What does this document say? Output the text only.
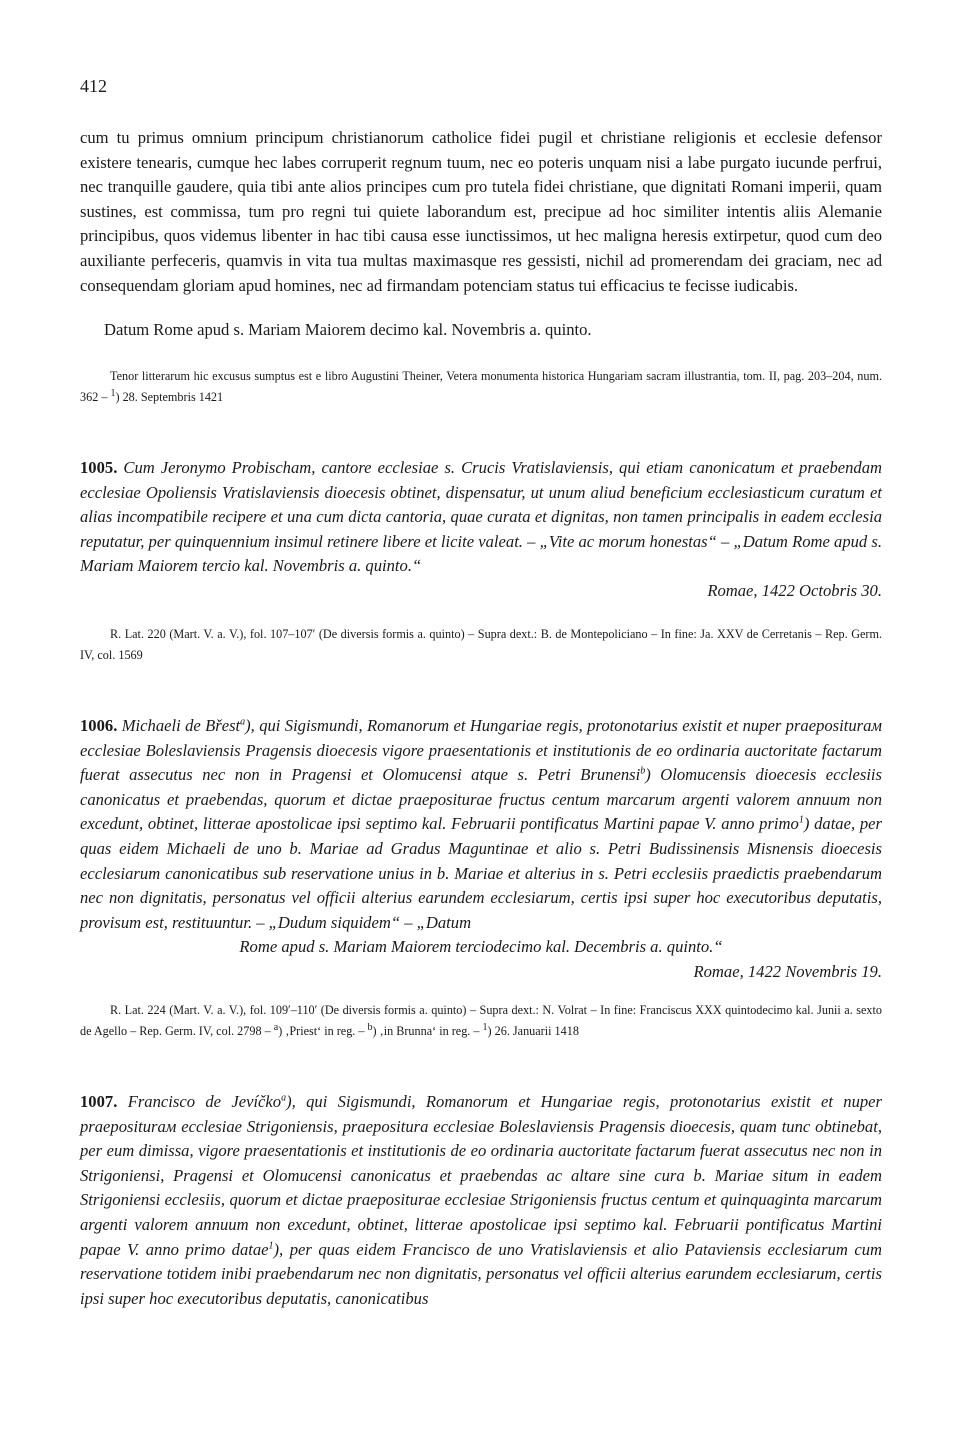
412
cum tu primus omnium principum christianorum catholice fidei pugil et christiane religionis et ecclesie defensor existere tenearis, cumque hec labes corruperit regnum tuum, nec eo poteris unquam nisi a labe purgato iucunde perfrui, nec tranquille gaudere, quia tibi ante alios principes cum pro tutela fidei christiane, que dignitati Romani imperii, quam sustines, est commissa, tum pro regni tui quiete laborandum est, precipue ad hoc similiter intentis aliis Alemanie principibus, quos videmus libenter in hac tibi causa esse iunctissimos, ut hec maligna heresis extirpetur, quod cum deo auxiliante perfeceris, quamvis in vita tua multas maximasque res gessisti, nichil ad promerendam dei graciam, nec ad consequendam gloriam apud homines, nec ad firmandam potenciam status tui efficacius te fecisse iudicabis.
Datum Rome apud s. Mariam Maiorem decimo kal. Novembris a. quinto.
Tenor litterarum hic excusus sumptus est e libro Augustini Theiner, Vetera monumenta historica Hungariam sacram illustrantia, tom. II, pag. 203–204, num. 362 – $^1$) 28. Septembris 1421
1005. Cum Jeronymo Probischam, cantore ecclesiae s. Crucis Vratislaviensis, qui etiam canonicatum et praebendam ecclesiae Opoliensis Vratislaviensis dioecesis obtinet, dispensatur, ut unum aliud beneficium ecclesiasticum curatum et alias incompatibile recipere et una cum dicta cantoria, quae curata et dignitas, non tamen principalis in eadem ecclesia reputatur, per quinquennium insimul retinere libere et licite valeat. – „Vite ac morum honestas“ – „Datum Rome apud s. Mariam Maiorem tercio kal. Novembris a. quinto.“
Romae, 1422 Octobris 30.
R. Lat. 220 (Mart. V. a. V.), fol. 107–107′ (De diversis formis a. quinto) – Supra dext.: B. de Montepoliciano – In fine: Ja. XXV de Cerretanis – Rep. Germ. IV, col. 1569
1006. Michaeli de Břest$^a$), qui Sigismundi, Romanorum et Hungariae regis, protonotarius existit et nuper praepositurам ecclesiae Boleslaviensis Pragensis dioecesis vigore praesentationis et institutionis de eo ordinaria auctoritate factarum fuerat assecutus nec non in Pragensi et Olomucensi atque s. Petri Brunensi$^b$) Olomucensis dioecesis ecclesiis canonicatus et praebendas, quorum et dictae praepositurae fructus centum marcarum argenti valorem annuum non excedunt, obtinet, litterae apostolicae ipsi septimo kal. Februarii pontificatus Martini papae V. anno primo$^1$) datae, per quas eidem Michaeli de uno b. Mariae ad Gradus Maguntinae et alio s. Petri Budissinensis Misnensis dioecesis ecclesiarum canonicatibus sub reservatione unius in b. Mariae et alterius in s. Petri ecclesiis praedictis praebendarum nec non dignitatis, personatus vel officii alterius earundem ecclesiarum, certis ipsi super hoc executoribus deputatis, provisum est, restituuntur. – „Dudum siquidem“ – „Datum
Rome apud s. Mariam Maiorem terciodecimo kal. Decembris a. quinto.“
Romae, 1422 Novembris 19.
R. Lat. 224 (Mart. V. a. V.), fol. 109′–110′ (De diversis formis a. quinto) – Supra dext.: N. Volrat – In fine: Franciscus XXX quintodecimo kal. Junii a. sexto de Agello – Rep. Germ. IV, col. 2798 – $^a$) ‚Priest‘ in reg. – $^b$) ‚in Brunna‘ in reg. – $^1$) 26. Januarii 1418
1007. Francisco de Jevíčko$^a$), qui Sigismundi, Romanorum et Hungariae regis, protonotarius existit et nuper praepositurам ecclesiae Strigoniensis, praepositura ecclesiae Boleslaviensis Pragensis dioecesis, quam tunc obtinebat, per eum dimissa, vigore praesentationis et institutionis de eo ordinaria auctoritate factarum fuerat assecutus nec non in Strigoniensi, Pragensi et Olomucensi canonicatus et praebendas ac altare sine cura b. Mariae situm in eadem Strigoniensi ecclesiis, quorum et dictae praepositurae ecclesiae Strigoniensis fructus centum et quinquaginta marcarum argenti valorem annuum non excedunt, obtinet, litterae apostolicae ipsi septimo kal. Februarii pontificatus Martini papae V. anno primo datae$^1$), per quas eidem Francisco de uno Vratislaviensis et alio Pataviensis ecclesiarum cum reservatione totidem inibi praebendarum nec non dignitatis, personatus vel officii alterius earundem ecclesiarum, certis ipsi super hoc executoribus deputatis, canonicatibus
